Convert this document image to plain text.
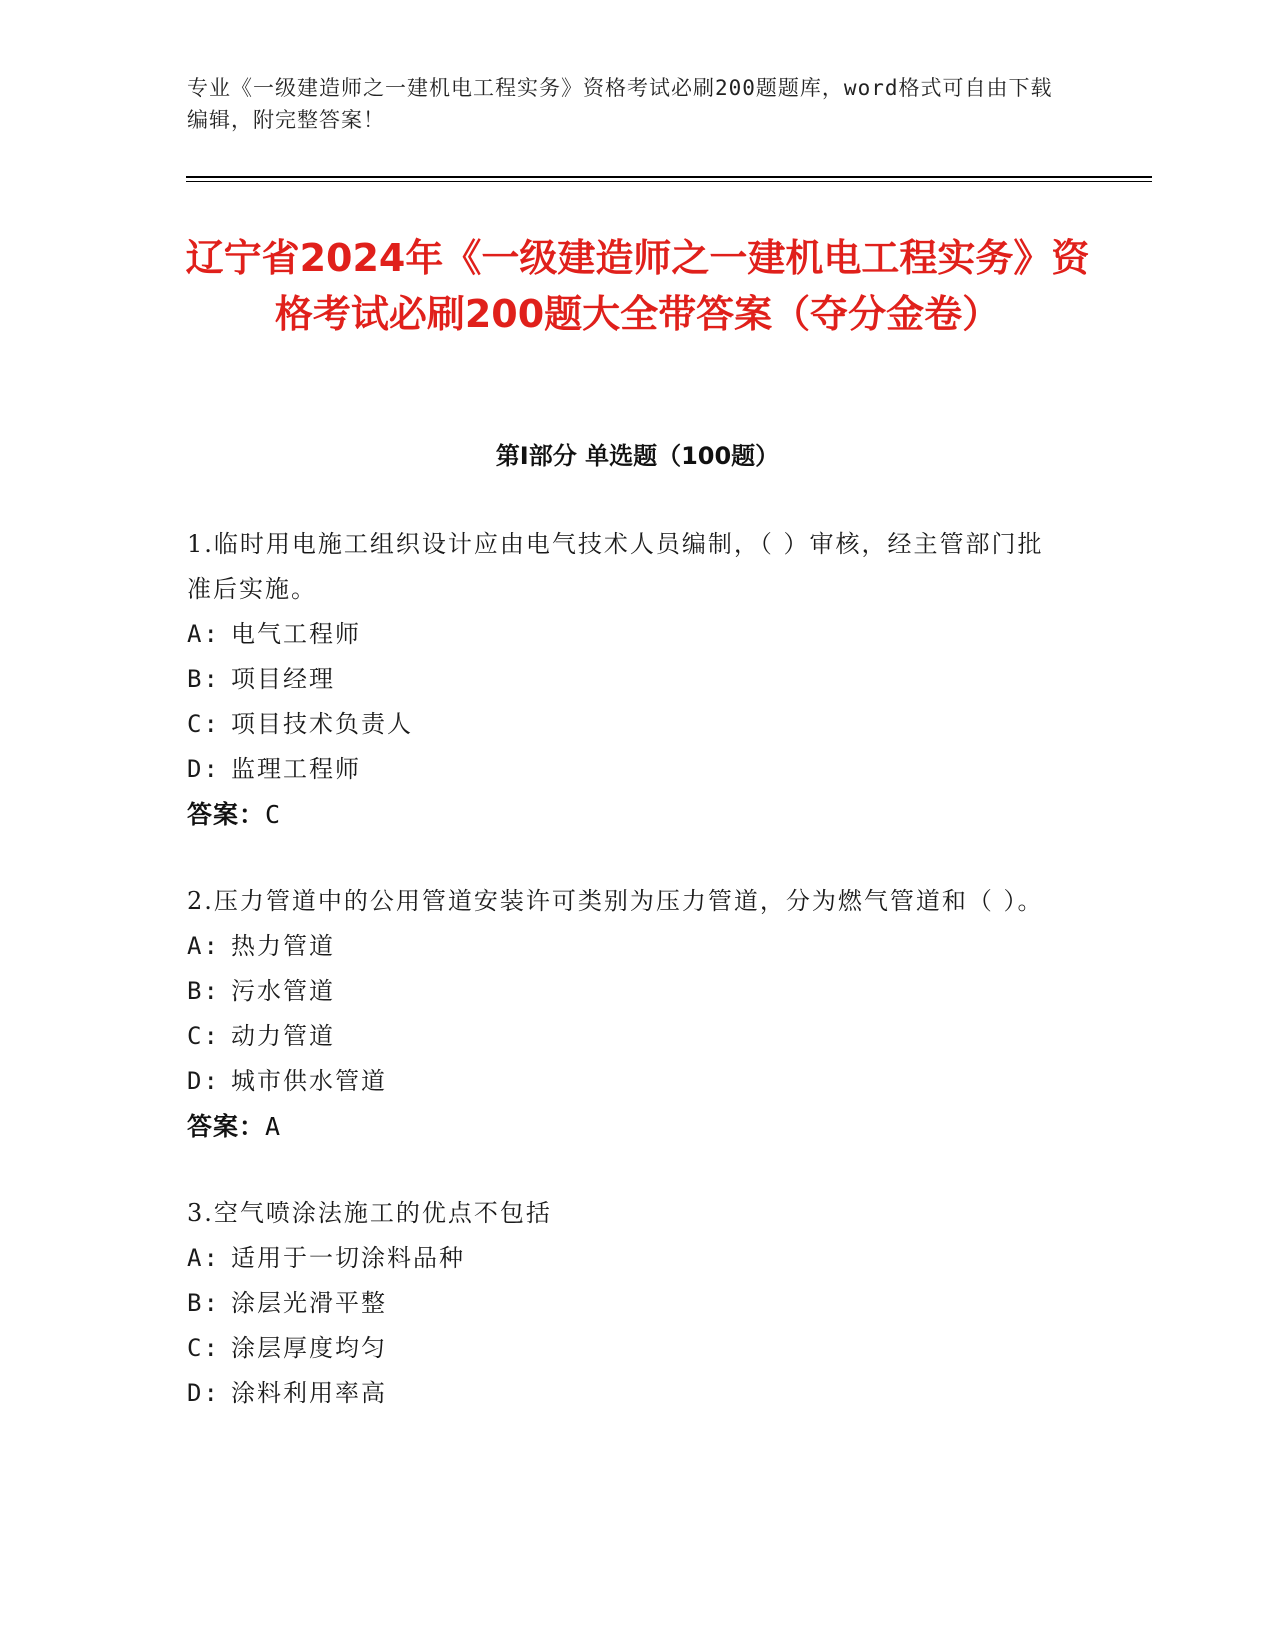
专业《一级建造师之一建机电工程实务》资格考试必刷200题题库，word格式可自由下载编辑，附完整答案！
辽宁省2024年《一级建造师之一建机电工程实务》资格考试必刷200题大全带答案（夺分金卷）
第Ⅰ部分 单选题（100题）
1.临时用电施工组织设计应由电气技术人员编制，（ ）审核，经主管部门批准后实施。
A: 电气工程师
B: 项目经理
C: 项目技术负责人
D: 监理工程师
答案：C
2.压力管道中的公用管道安装许可类别为压力管道，分为燃气管道和（ ）。
A: 热力管道
B: 污水管道
C: 动力管道
D: 城市供水管道
答案：A
3.空气喷涂法施工的优点不包括
A: 适用于一切涂料品种
B: 涂层光滑平整
C: 涂层厚度均匀
D: 涂料利用率高
